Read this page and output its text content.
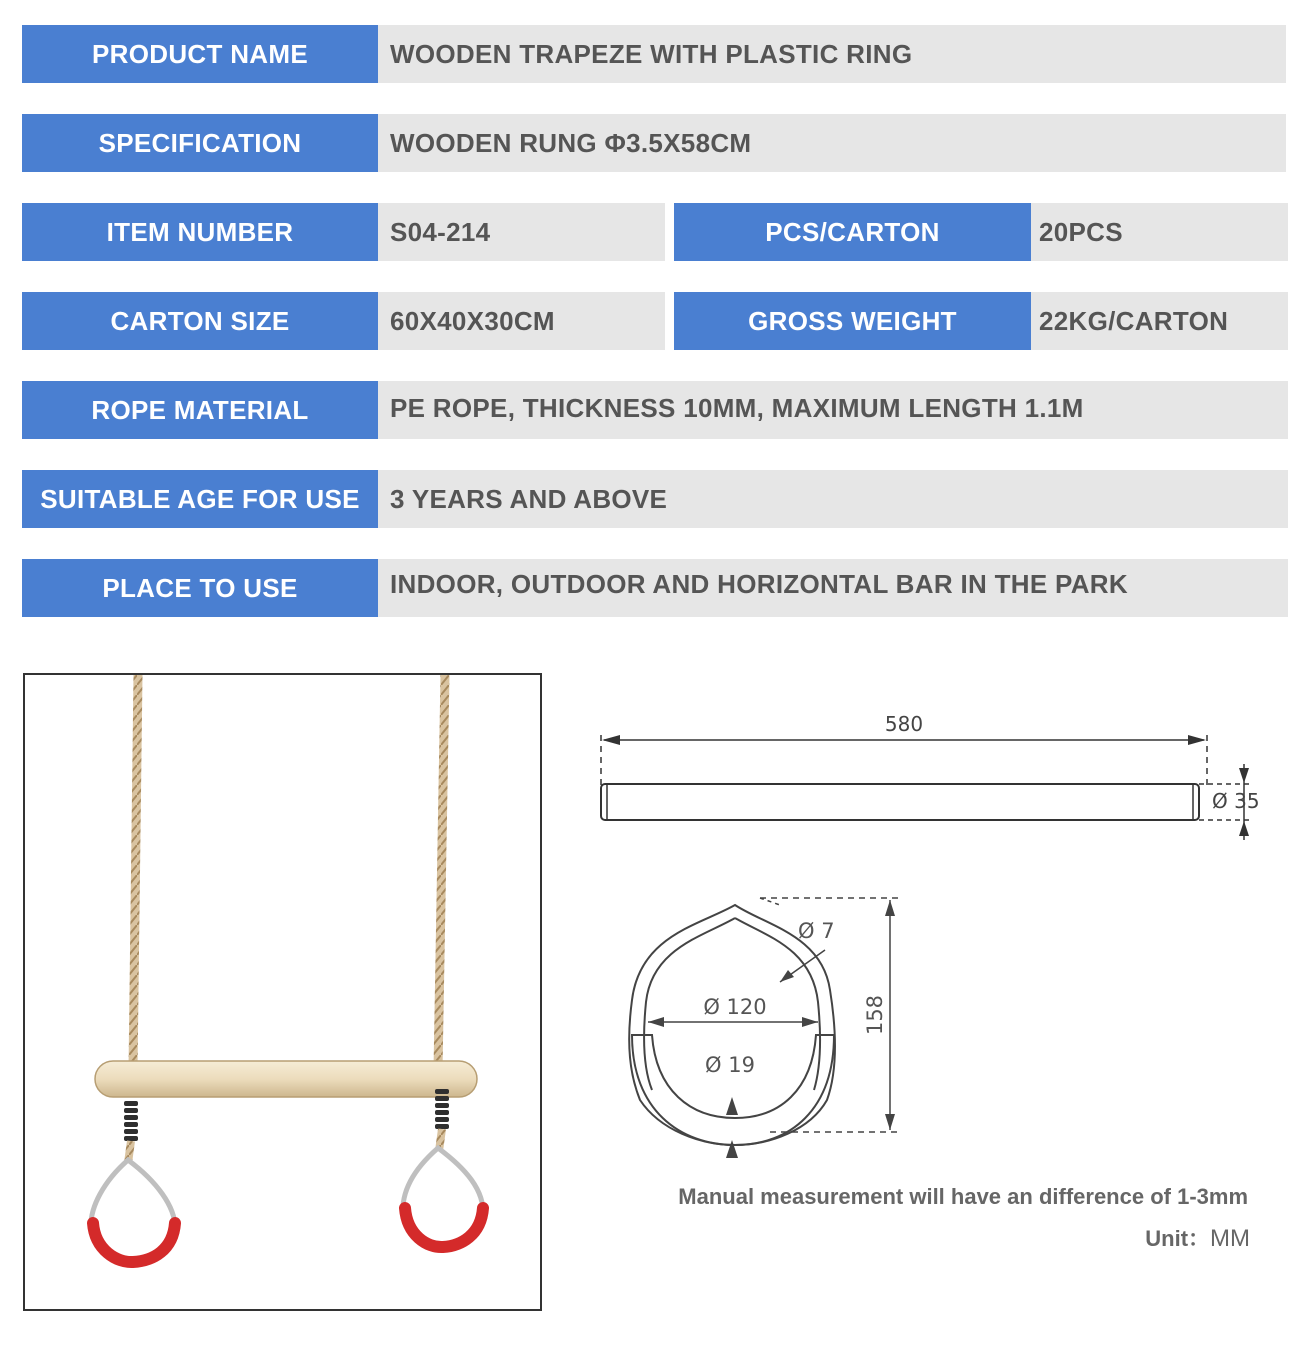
PRODUCT NAME	WOODEN TRAPEZE WITH PLASTIC RING
SPECIFICATION	WOODEN RUNG Φ3.5X58CM
ITEM NUMBER	S04-214	PCS/CARTON	20PCS
CARTON SIZE	60X40X30CM	GROSS WEIGHT	22KG/CARTON
ROPE MATERIAL	PE ROPE, THICKNESS 10MM, MAXIMUM LENGTH 1.1M
SUITABLE AGE FOR USE	3 YEARS AND ABOVE
PLACE TO USE	INDOOR, OUTDOOR AND HORIZONTAL BAR IN THE PARK
580
Ø 35
Ø 120
Ø 19
Ø 7
158
Manual measurement will have an difference of 1-3mm
Unit：MM
